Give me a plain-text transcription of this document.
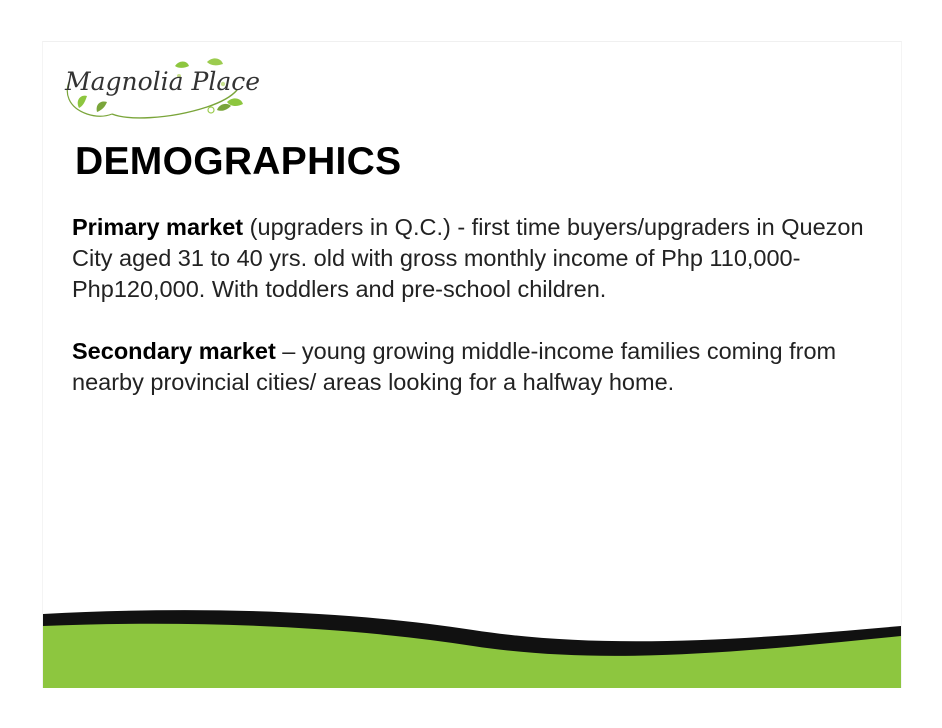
Magnolia Place
DEMOGRAPHICS

Primary market (upgraders in Q.C.) - first time buyers/upgraders in Quezon City aged 31 to 40 yrs. old with gross monthly income of Php 110,000- Php120,000. With toddlers and pre-school children.

Secondary market – young growing middle-income families coming from nearby provincial cities/ areas looking for a halfway home.
